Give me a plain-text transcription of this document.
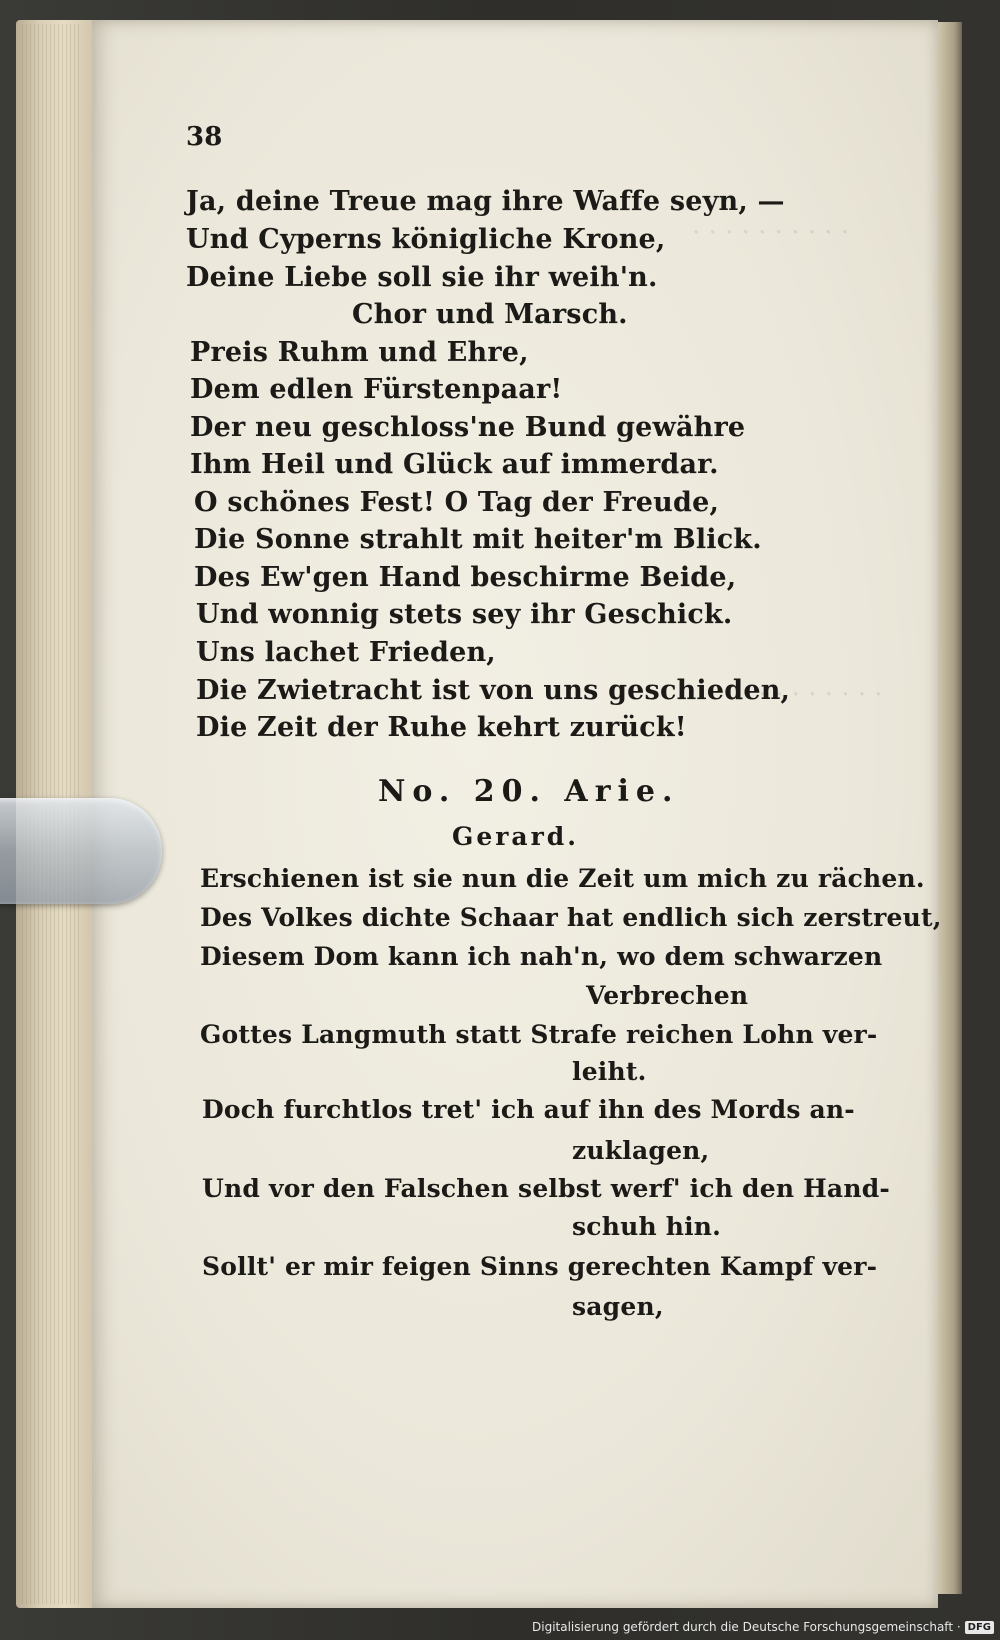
· · · · · · · · · ·
· · · · · · · · ·
38
Ja, deine Treue mag ihre Waffe seyn, —
Und Cyperns königliche Krone,
Deine Liebe soll sie ihr weih'n.
Chor und Marsch.
Preis Ruhm und Ehre,
Dem edlen Fürstenpaar!
Der neu geschloss'ne Bund gewähre
Ihm Heil und Glück auf immerdar.
O schönes Fest! O Tag der Freude,
Die Sonne strahlt mit heiter'm Blick.
Des Ew'gen Hand beschirme Beide,
Und wonnig stets sey ihr Geschick.
Uns lachet Frieden,
Die Zwietracht ist von uns geschieden,
Die Zeit der Ruhe kehrt zurück!
No. 20. Arie.
Gerard.
Erschienen ist sie nun die Zeit um mich zu rächen.
Des Volkes dichte Schaar hat endlich sich zerstreut,
Diesem Dom kann ich nah'n, wo dem schwarzen
Verbrechen
Gottes Langmuth statt Strafe reichen Lohn ver-
leiht.
Doch furchtlos tret' ich auf ihn des Mords an-
zuklagen,
Und vor den Falschen selbst werf' ich den Hand-
schuh hin.
Sollt' er mir feigen Sinns gerechten Kampf ver-
sagen,
Digitalisierung gefördert durch die Deutsche Forschungsgemeinschaft · DFG
